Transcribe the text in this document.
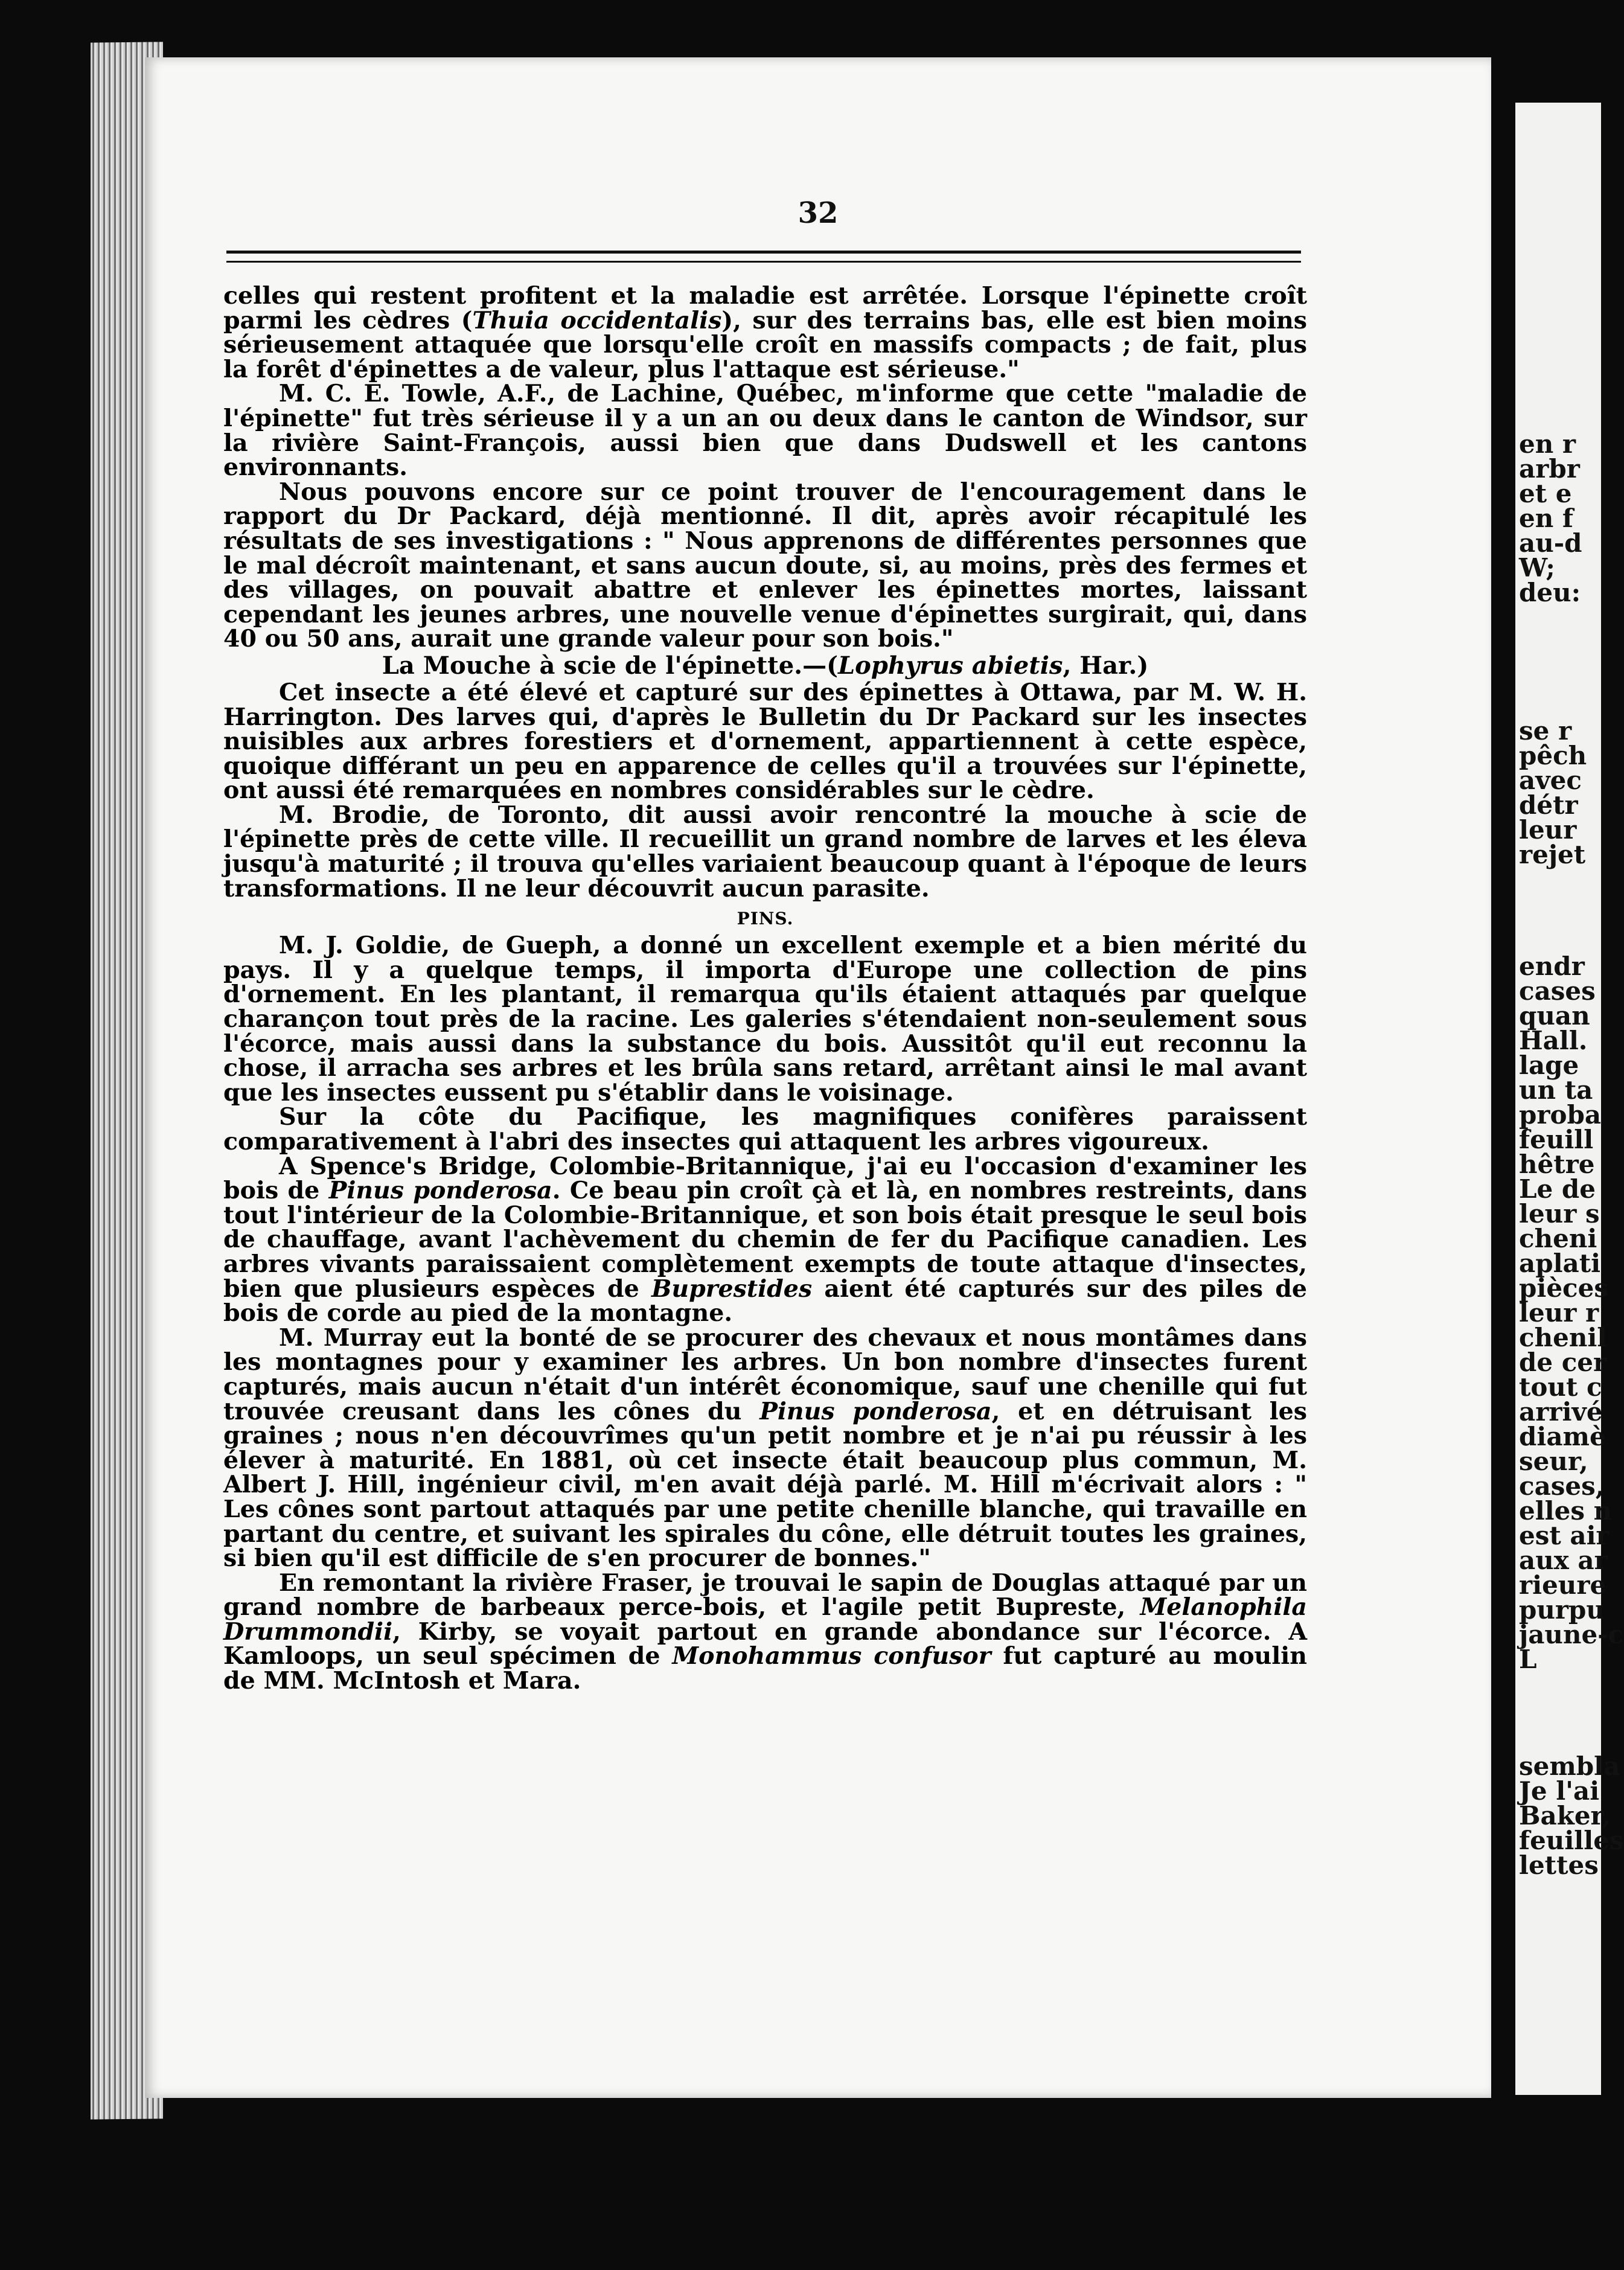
32

celles qui restent profitent et la maladie est arrêtée. Lorsque l'épinette croît parmi les cèdres (Thuia occidentalis), sur des terrains bas, elle est bien moins sérieusement attaquée que lorsqu'elle croît en massifs compacts ; de fait, plus la forêt d'épinettes a de valeur, plus l'attaque est sérieuse."

M. C. E. Towle, A.F., de Lachine, Québec, m'informe que cette "maladie de l'épinette" fut très sérieuse il y a un an ou deux dans le canton de Windsor, sur la rivière Saint-François, aussi bien que dans Dudswell et les cantons environnants.

Nous pouvons encore sur ce point trouver de l'encouragement dans le rapport du Dr Packard, déjà mentionné. Il dit, après avoir récapitulé les résultats de ses investigations : " Nous apprenons de différentes personnes que le mal décroît maintenant, et sans aucun doute, si, au moins, près des fermes et des villages, on pouvait abattre et enlever les épinettes mortes, laissant cependant les jeunes arbres, une nouvelle venue d'épinettes surgirait, qui, dans 40 ou 50 ans, aurait une grande valeur pour son bois."

La Mouche à scie de l'épinette.—(Lophyrus abietis, Har.)

Cet insecte a été élevé et capturé sur des épinettes à Ottawa, par M. W. H. Harrington. Des larves qui, d'après le Bulletin du Dr Packard sur les insectes nuisibles aux arbres forestiers et d'ornement, appartiennent à cette espèce, quoique différant un peu en apparence de celles qu'il a trouvées sur l'épinette, ont aussi été remarquées en nombres considérables sur le cèdre.

M. Brodie, de Toronto, dit aussi avoir rencontré la mouche à scie de l'épinette près de cette ville. Il recueillit un grand nombre de larves et les éleva jusqu'à maturité ; il trouva qu'elles variaient beaucoup quant à l'époque de leurs transformations. Il ne leur découvrit aucun parasite.

PINS.

M. J. Goldie, de Gueph, a donné un excellent exemple et a bien mérité du pays. Il y a quelque temps, il importa d'Europe une collection de pins d'ornement. En les plantant, il remarqua qu'ils étaient attaqués par quelque charançon tout près de la racine. Les galeries s'étendaient non-seulement sous l'écorce, mais aussi dans la substance du bois. Aussitôt qu'il eut reconnu la chose, il arracha ses arbres et les brûla sans retard, arrêtant ainsi le mal avant que les insectes eussent pu s'établir dans le voisinage.

Sur la côte du Pacifique, les magnifiques conifères paraissent comparativement à l'abri des insectes qui attaquent les arbres vigoureux.

A Spence's Bridge, Colombie-Britannique, j'ai eu l'occasion d'examiner les bois de Pinus ponderosa. Ce beau pin croît çà et là, en nombres restreints, dans tout l'intérieur de la Colombie-Britannique, et son bois était presque le seul bois de chauffage, avant l'achèvement du chemin de fer du Pacifique canadien. Les arbres vivants paraissaient complètement exempts de toute attaque d'insectes, bien que plusieurs espèces de Buprestides aient été capturés sur des piles de bois de corde au pied de la montagne.

M. Murray eut la bonté de se procurer des chevaux et nous montâmes dans les montagnes pour y examiner les arbres. Un bon nombre d'insectes furent capturés, mais aucun n'était d'un intérêt économique, sauf une chenille qui fut trouvée creusant dans les cônes du Pinus ponderosa, et en détruisant les graines ; nous n'en découvrîmes qu'un petit nombre et je n'ai pu réussir à les élever à maturité. En 1881, où cet insecte était beaucoup plus commun, M. Albert J. Hill, ingénieur civil, m'en avait déjà parlé. M. Hill m'écrivait alors : " Les cônes sont partout attaqués par une petite chenille blanche, qui travaille en partant du centre, et suivant les spirales du cône, elle détruit toutes les graines, si bien qu'il est difficile de s'en procurer de bonnes."

En remontant la rivière Fraser, je trouvai le sapin de Douglas attaqué par un grand nombre de barbeaux perce-bois, et l'agile petit Bupreste, Melanophila Drummondii, Kirby, se voyait partout en grande abondance sur l'écorce. A Kamloops, un seul spécimen de Monohammus confusor fut capturé au moulin de MM. McIntosh et Mara.

en r
arbr
et e
en f
au-d
W;
deu:
se r
pêch
avec
détr
leur
rejet
endr
cases
quan
Hall.
lage
un ta
proba
feuill
hêtre
Le de
leur s
cheni
aplati
pièces
leur r
chenil
de cer
tout c
arrivé
diamè
seur,
cases,
elles n
est air
aux ar
rieure
purpu
jaune-c
L
sembla
Je l'ai
Baker,
feuilles
lettes
